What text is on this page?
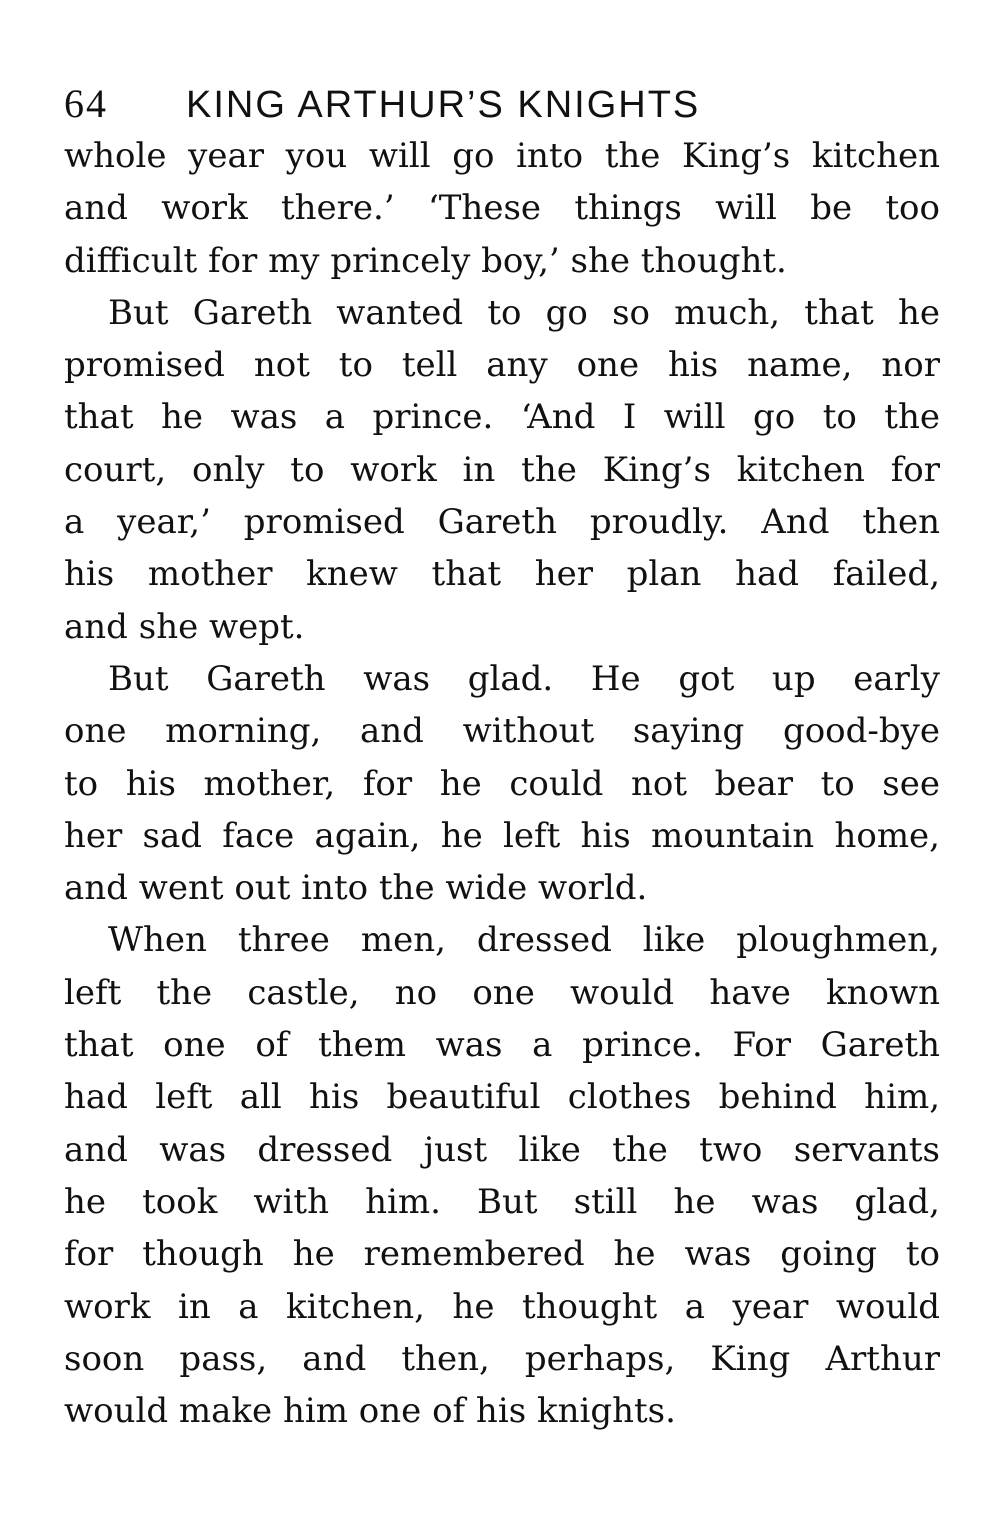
64 KING ARTHUR’S KNIGHTS
whole year you will go into the King’s kitchen
and work there.’ ‘These things will be too
difficult for my princely boy,’ she thought.
But Gareth wanted to go so much, that he
promised not to tell any one his name, nor
that he was a prince. ‘And I will go to the
court, only to work in the King’s kitchen for
a year,’ promised Gareth proudly. And then
his mother knew that her plan had failed,
and she wept.
But Gareth was glad. He got up early
one morning, and without saying good-bye
to his mother, for he could not bear to see
her sad face again, he left his mountain home,
and went out into the wide world.
When three men, dressed like ploughmen,
left the castle, no one would have known
that one of them was a prince. For Gareth
had left all his beautiful clothes behind him,
and was dressed just like the two servants
he took with him. But still he was glad,
for though he remembered he was going to
work in a kitchen, he thought a year would
soon pass, and then, perhaps, King Arthur
would make him one of his knights.
